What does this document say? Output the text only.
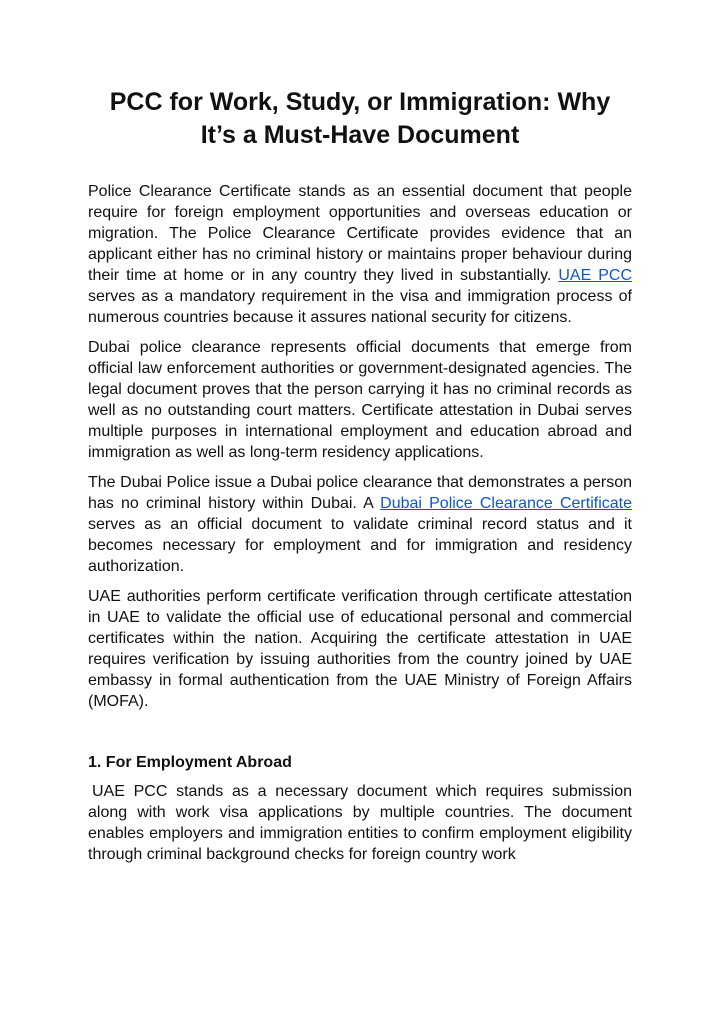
PCC for Work, Study, or Immigration: Why
It’s a Must-Have Document

Police Clearance Certificate stands as an essential document that people require for foreign employment opportunities and overseas education or migration. The Police Clearance Certificate provides evidence that an applicant either has no criminal history or maintains proper behaviour during their time at home or in any country they lived in substantially. UAE PCC serves as a mandatory requirement in the visa and immigration process of numerous countries because it assures national security for citizens.

Dubai police clearance represents official documents that emerge from official law enforcement authorities or government-designated agencies. The legal document proves that the person carrying it has no criminal records as well as no outstanding court matters. Certificate attestation in Dubai serves multiple purposes in international employment and education abroad and immigration as well as long-term residency applications.

The Dubai Police issue a Dubai police clearance that demonstrates a person has no criminal history within Dubai. A Dubai Police Clearance Certificate serves as an official document to validate criminal record status and it becomes necessary for employment and for immigration and residency authorization.

UAE authorities perform certificate verification through certificate attestation in UAE to validate the official use of educational personal and commercial certificates within the nation. Acquiring the certificate attestation in UAE requires verification by issuing authorities from the country joined by UAE embassy in formal authentication from the UAE Ministry of Foreign Affairs (MOFA).

1. For Employment Abroad

UAE PCC stands as a necessary document which requires submission along with work visa applications by multiple countries. The document enables employers and immigration entities to confirm employment eligibility through criminal background checks for foreign country work
